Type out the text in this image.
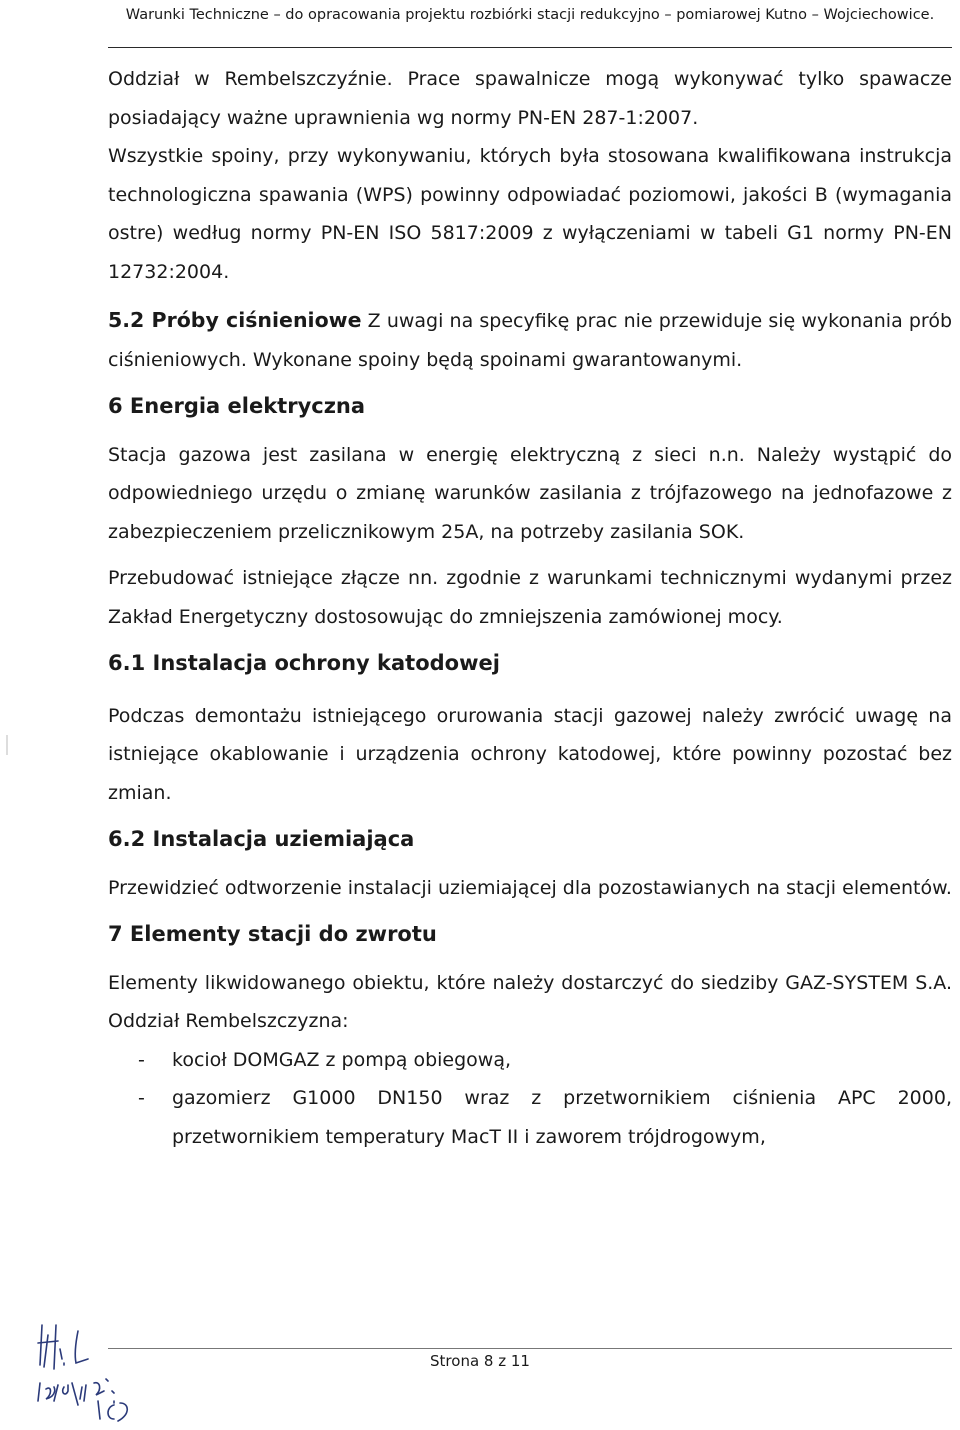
Warunki Techniczne – do opracowania projektu rozbiórki stacji redukcyjno – pomiarowej Kutno – Wojciechowice.

Oddział w Rembelszczyźnie. Prace spawalnicze mogą wykonywać tylko spawacze posiadający ważne uprawnienia wg normy PN-EN 287-1:2007.

Wszystkie spoiny, przy wykonywaniu, których była stosowana kwalifikowana instrukcja technologiczna spawania (WPS) powinny odpowiadać poziomowi, jakości B (wymagania ostre) według normy PN-EN ISO 5817:2009 z wyłączeniami w tabeli G1 normy PN-EN 12732:2004.

5.2 Próby ciśnieniowe Z uwagi na specyfikę prac nie przewiduje się wykonania prób ciśnieniowych. Wykonane spoiny będą spoinami gwarantowanymi.

6 Energia elektryczna

Stacja gazowa jest zasilana w energię elektryczną z sieci n.n. Należy wystąpić do odpowiedniego urzędu o zmianę warunków zasilania z trójfazowego na jednofazowe z zabezpieczeniem przelicznikowym 25A, na potrzeby zasilania SOK.

Przebudować istniejące złącze nn. zgodnie z warunkami technicznymi wydanymi przez Zakład Energetyczny dostosowując do zmniejszenia zamówionej mocy.

6.1 Instalacja ochrony katodowej

Podczas demontażu istniejącego orurowania stacji gazowej należy zwrócić uwagę na istniejące okablowanie i urządzenia ochrony katodowej, które powinny pozostać bez zmian.

6.2 Instalacja uziemiająca

Przewidzieć odtworzenie instalacji uziemiającej dla pozostawianych na stacji elementów.

7 Elementy stacji do zwrotu

Elementy likwidowanego obiektu, które należy dostarczyć do siedziby GAZ-SYSTEM S.A. Oddział Rembelszczyzna:

- kocioł DOMGAZ z pompą obiegową,
- gazomierz G1000 DN150 wraz z przetwornikiem ciśnienia APC 2000, przetwornikiem temperatury MacT II i zaworem trójdrogowym,
Strona 8 z 11
